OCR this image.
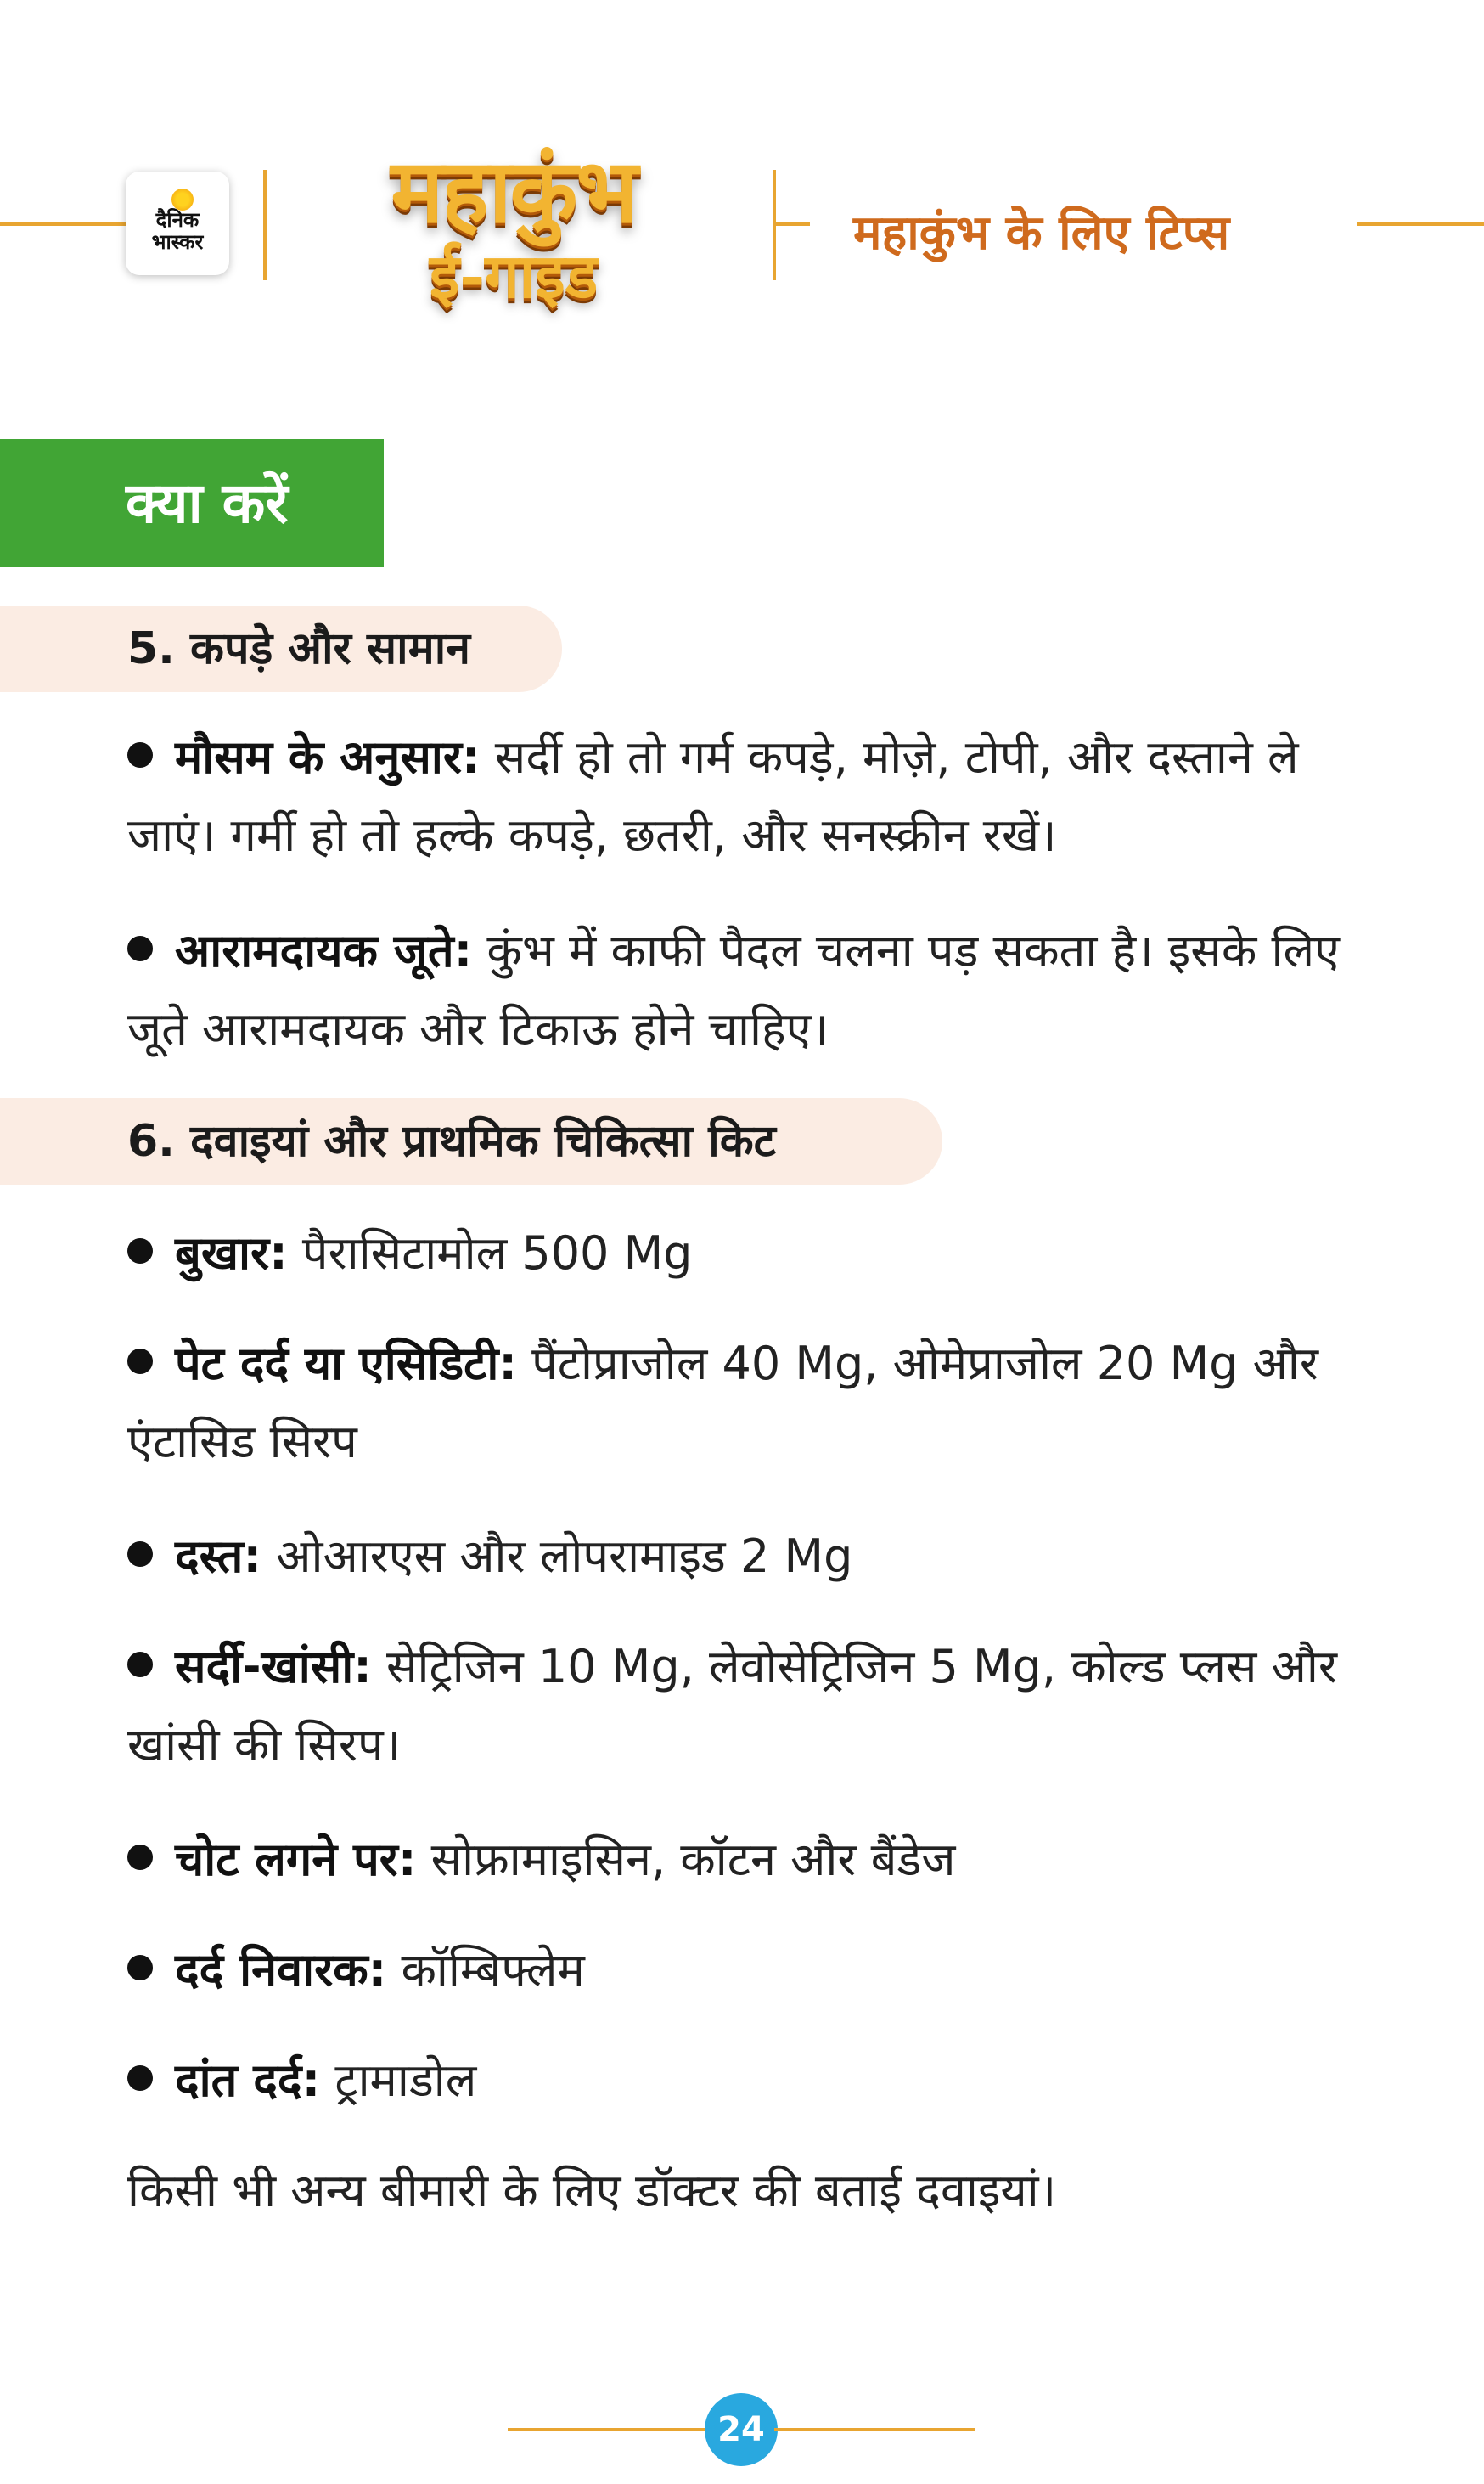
दैनिक
भास्कर	महाकुंभ
ई-गाइड
महाकुंभ के लिए टिप्स
क्या करें
5. कपड़े और सामान
मौसम के अनुसार: सर्दी हो तो गर्म कपड़े, मोज़े, टोपी, और दस्ताने ले जाएं। गर्मी हो तो हल्के कपड़े, छतरी, और सनस्क्रीन रखें।
आरामदायक जूते: कुंभ में काफी पैदल चलना पड़ सकता है। इसके लिए जूते आरामदायक और टिकाऊ होने चाहिए।
6. दवाइयां और प्राथमिक चिकित्सा किट
बुखार: पैरासिटामोल 500 Mg
पेट दर्द या एसिडिटी: पैंटोप्राजोल 40 Mg, ओमेप्राजोल 20 Mg और एंटासिड सिरप
दस्त: ओआरएस और लोपरामाइड 2 Mg
सर्दी-खांसी: सेट्रिजिन 10 Mg, लेवोसेट्रिजिन 5 Mg, कोल्ड प्लस और खांसी की सिरप।
चोट लगने पर: सोफ्रामाइसिन, कॉटन और बैंडेज
दर्द निवारक: कॉम्बिफ्लेम
दांत दर्द: ट्रामाडोल
किसी भी अन्य बीमारी के लिए डॉक्टर की बताई दवाइयां।
24
